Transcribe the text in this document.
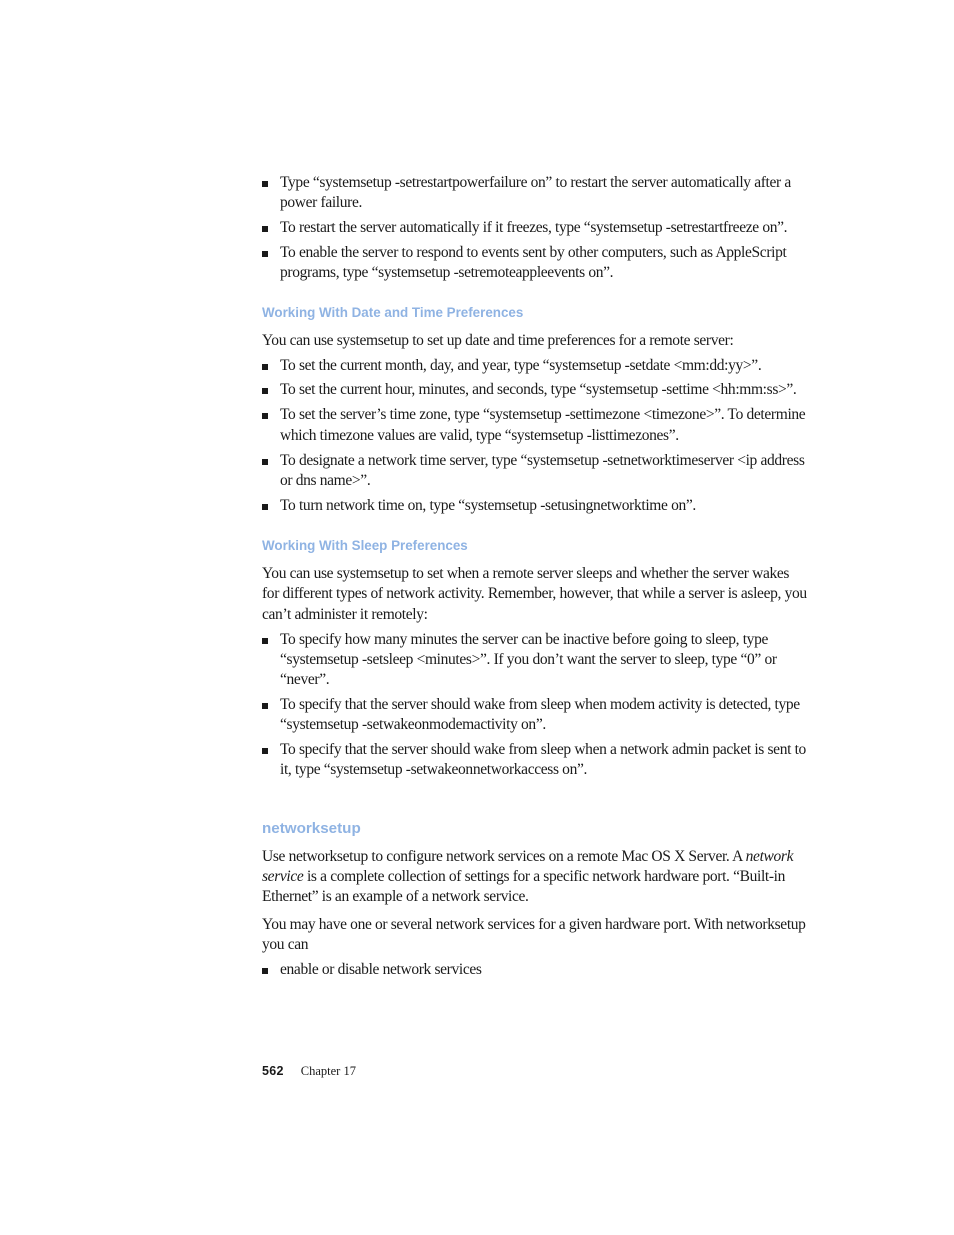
Type “systemsetup -setrestartpowerfailure on” to restart the server automatically after a power failure.
To restart the server automatically if it freezes, type “systemsetup -setrestartfreeze on”.
To enable the server to respond to events sent by other computers, such as AppleScript programs, type “systemsetup -setremoteappleevents on”.
Working With Date and Time Preferences

You can use systemsetup to set up date and time preferences for a remote server:

To set the current month, day, and year, type “systemsetup -setdate <mm:dd:yy>”.
To set the current hour, minutes, and seconds, type “systemsetup -settime <hh:mm:ss>”.
To set the server’s time zone, type “systemsetup -settimezone <timezone>”. To determine which timezone values are valid, type “systemsetup -listtimezones”.
To designate a network time server, type “systemsetup -setnetworktimeserver <ip address or dns name>”.
To turn network time on, type “systemsetup -setusingnetworktime on”.
Working With Sleep Preferences

You can use systemsetup to set when a remote server sleeps and whether the server wakes for different types of network activity. Remember, however, that while a server is asleep, you can’t administer it remotely:

To specify how many minutes the server can be inactive before going to sleep, type “systemsetup -setsleep <minutes>”. If you don’t want the server to sleep, type “0” or “never”.
To specify that the server should wake from sleep when modem activity is detected, type “systemsetup -setwakeonmodemactivity on”.
To specify that the server should wake from sleep when a network admin packet is sent to it, type “systemsetup -setwakeonnetworkaccess on”.
networksetup

Use networksetup to configure network services on a remote Mac OS X Server. A network service is a complete collection of settings for a specific network hardware port. “Built-in Ethernet” is an example of a network service.

You may have one or several network services for a given hardware port. With networksetup you can

enable or disable network services
562 Chapter 17
